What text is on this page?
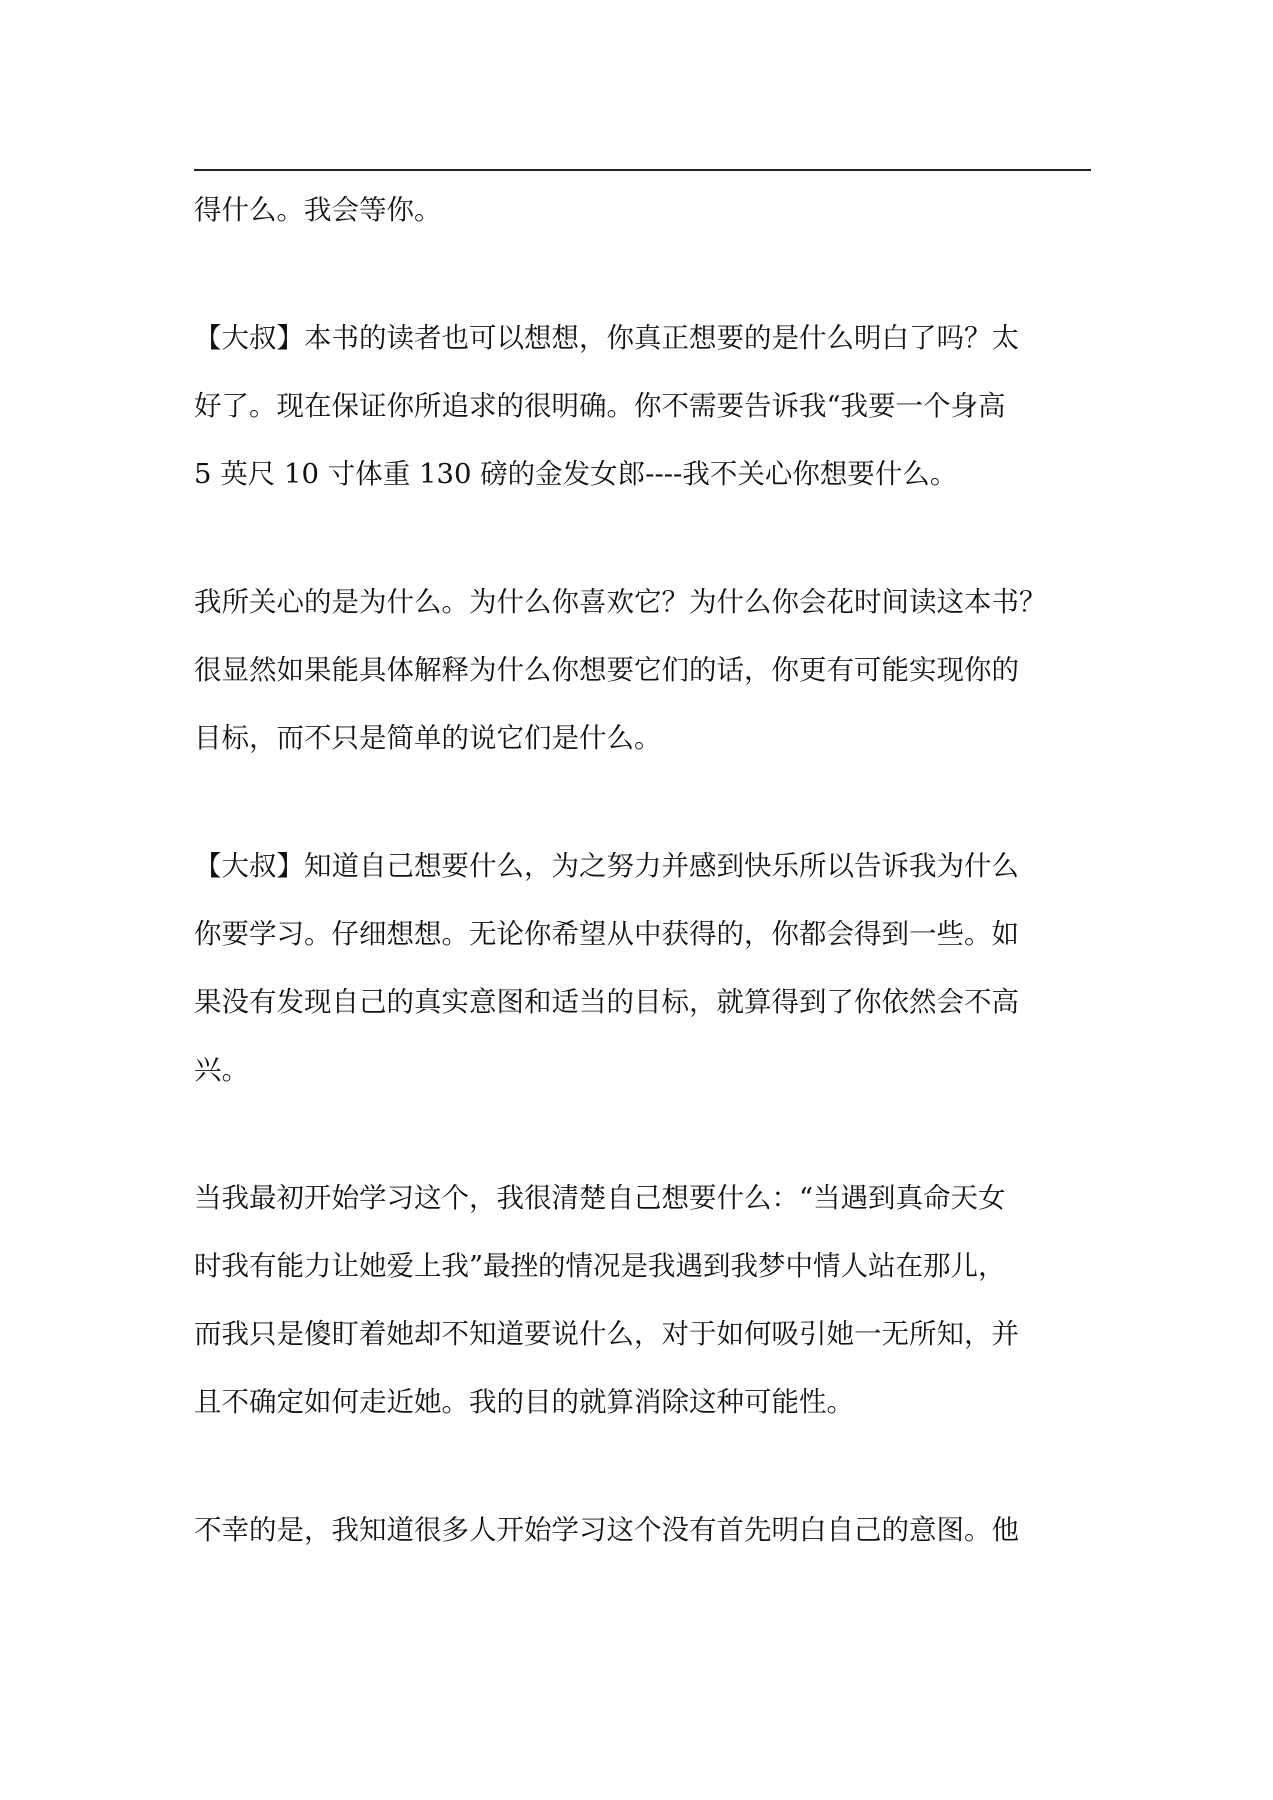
得什么。我会等你。
【大叔】本书的读者也可以想想，你真正想要的是什么明白了吗？太
好了。现在保证你所追求的很明确。你不需要告诉我“我要一个身高
5 英尺 10 寸体重 130 磅的金发女郎----我不关心你想要什么。
我所关心的是为什么。为什么你喜欢它？为什么你会花时间读这本书？
很显然如果能具体解释为什么你想要它们的话，你更有可能实现你的
目标，而不只是简单的说它们是什么。
【大叔】知道自己想要什么，为之努力并感到快乐所以告诉我为什么
你要学习。仔细想想。无论你希望从中获得的，你都会得到一些。如
果没有发现自己的真实意图和适当的目标，就算得到了你依然会不高
兴。
当我最初开始学习这个，我很清楚自己想要什么：“当遇到真命天女
时我有能力让她爱上我”最挫的情况是我遇到我梦中情人站在那儿，
而我只是傻盯着她却不知道要说什么，对于如何吸引她一无所知，并
且不确定如何走近她。我的目的就算消除这种可能性。
不幸的是，我知道很多人开始学习这个没有首先明白自己的意图。他
